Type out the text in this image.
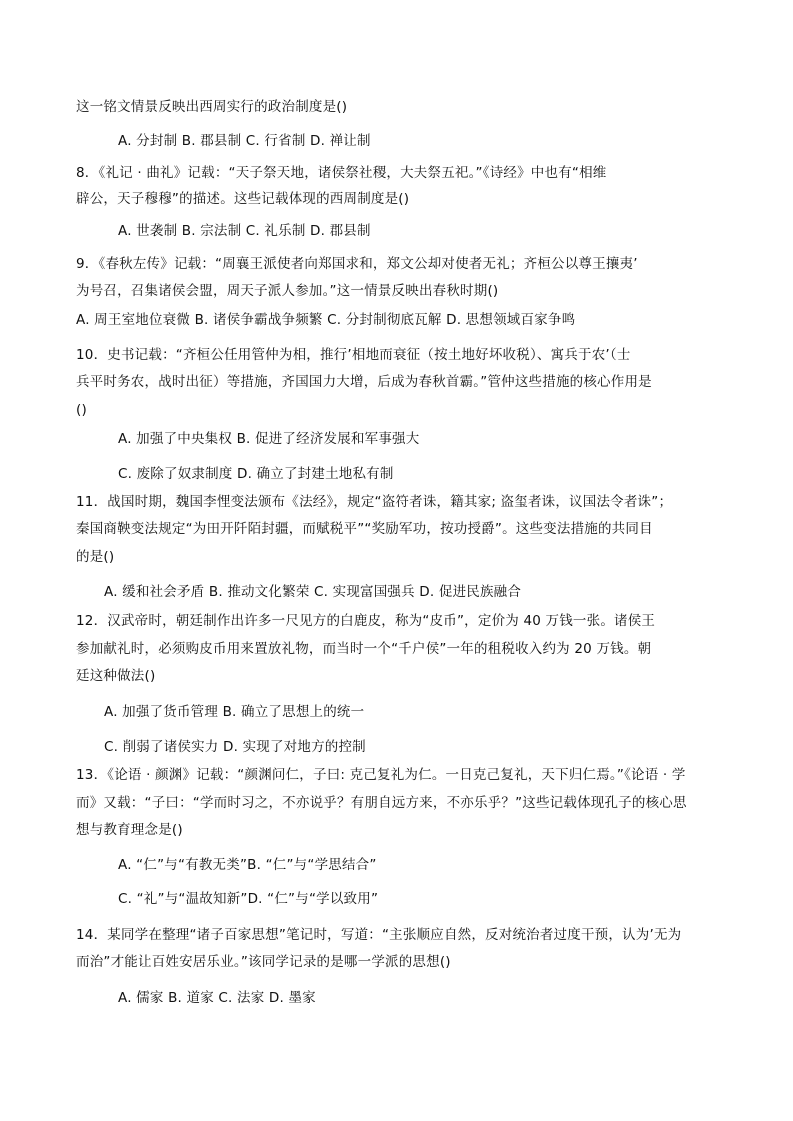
这一铭文情景反映出西周实行的政治制度是()
A. 分封制 B. 郡县制 C. 行省制 D. 禅让制
8．《礼记 · 曲礼》记载：“天子祭天地，诸侯祭社稷，大夫祭五祀。”《诗经》中也有“相维
辟公，天子穆穆”的描述。这些记载体现的西周制度是()
A. 世袭制 B. 宗法制 C. 礼乐制 D. 郡县制
9．《春秋左传》记载：“周襄王派使者向郑国求和，郑文公却对使者无礼；齐桓公以尊王攘夷’
为号召，召集诸侯会盟，周天子派人参加。”这一情景反映出春秋时期()
A. 周王室地位衰微 B. 诸侯争霸战争频繁 C. 分封制彻底瓦解 D. 思想领域百家争鸣
10．史书记载：“齐桓公任用管仲为相，推行’相地而衰征（按土地好坏收税）、寓兵于农’（士
兵平时务农，战时出征）等措施，齐国国力大增，后成为春秋首霸。”管仲这些措施的核心作用是
()
A. 加强了中央集权 B. 促进了经济发展和军事强大
C. 废除了奴隶制度 D. 确立了封建土地私有制
11．战国时期，魏国李悝变法颁布《法经》，规定“盗符者诛，籍其家; 盗玺者诛，议国法令者诛”；
秦国商鞅变法规定“为田开阡陌封疆，而赋税平”“奖励军功，按功授爵”。这些变法措施的共同目
的是()
A. 缓和社会矛盾 B. 推动文化繁荣 C. 实现富国强兵 D. 促进民族融合
12．汉武帝时，朝廷制作出许多一尺见方的白鹿皮，称为“皮币”，定价为 40 万钱一张。诸侯王
参加献礼时，必须购皮币用来置放礼物，而当时一个“千户侯”一年的租税收入约为 20 万钱。朝
廷这种做法()
A. 加强了货币管理 B. 确立了思想上的统一
C. 削弱了诸侯实力 D. 实现了对地方的控制
13．《论语 · 颜渊》记载：“颜渊问仁，子曰: 克己复礼为仁。一日克己复礼，天下归仁焉。”《论语 · 学
而》又载：“子曰：“学而时习之，不亦说乎？有朋自远方来，不亦乐乎？”这些记载体现孔子的核心思
想与教育理念是()
A. “仁”与“有教无类”B. “仁”与“学思结合”
C. “礼”与“温故知新”D. “仁”与“学以致用”
14．某同学在整理“诸子百家思想”笔记时，写道：“主张顺应自然，反对统治者过度干预，认为’无为
而治”才能让百姓安居乐业。”该同学记录的是哪一学派的思想()
A. 儒家 B. 道家 C. 法家 D. 墨家
